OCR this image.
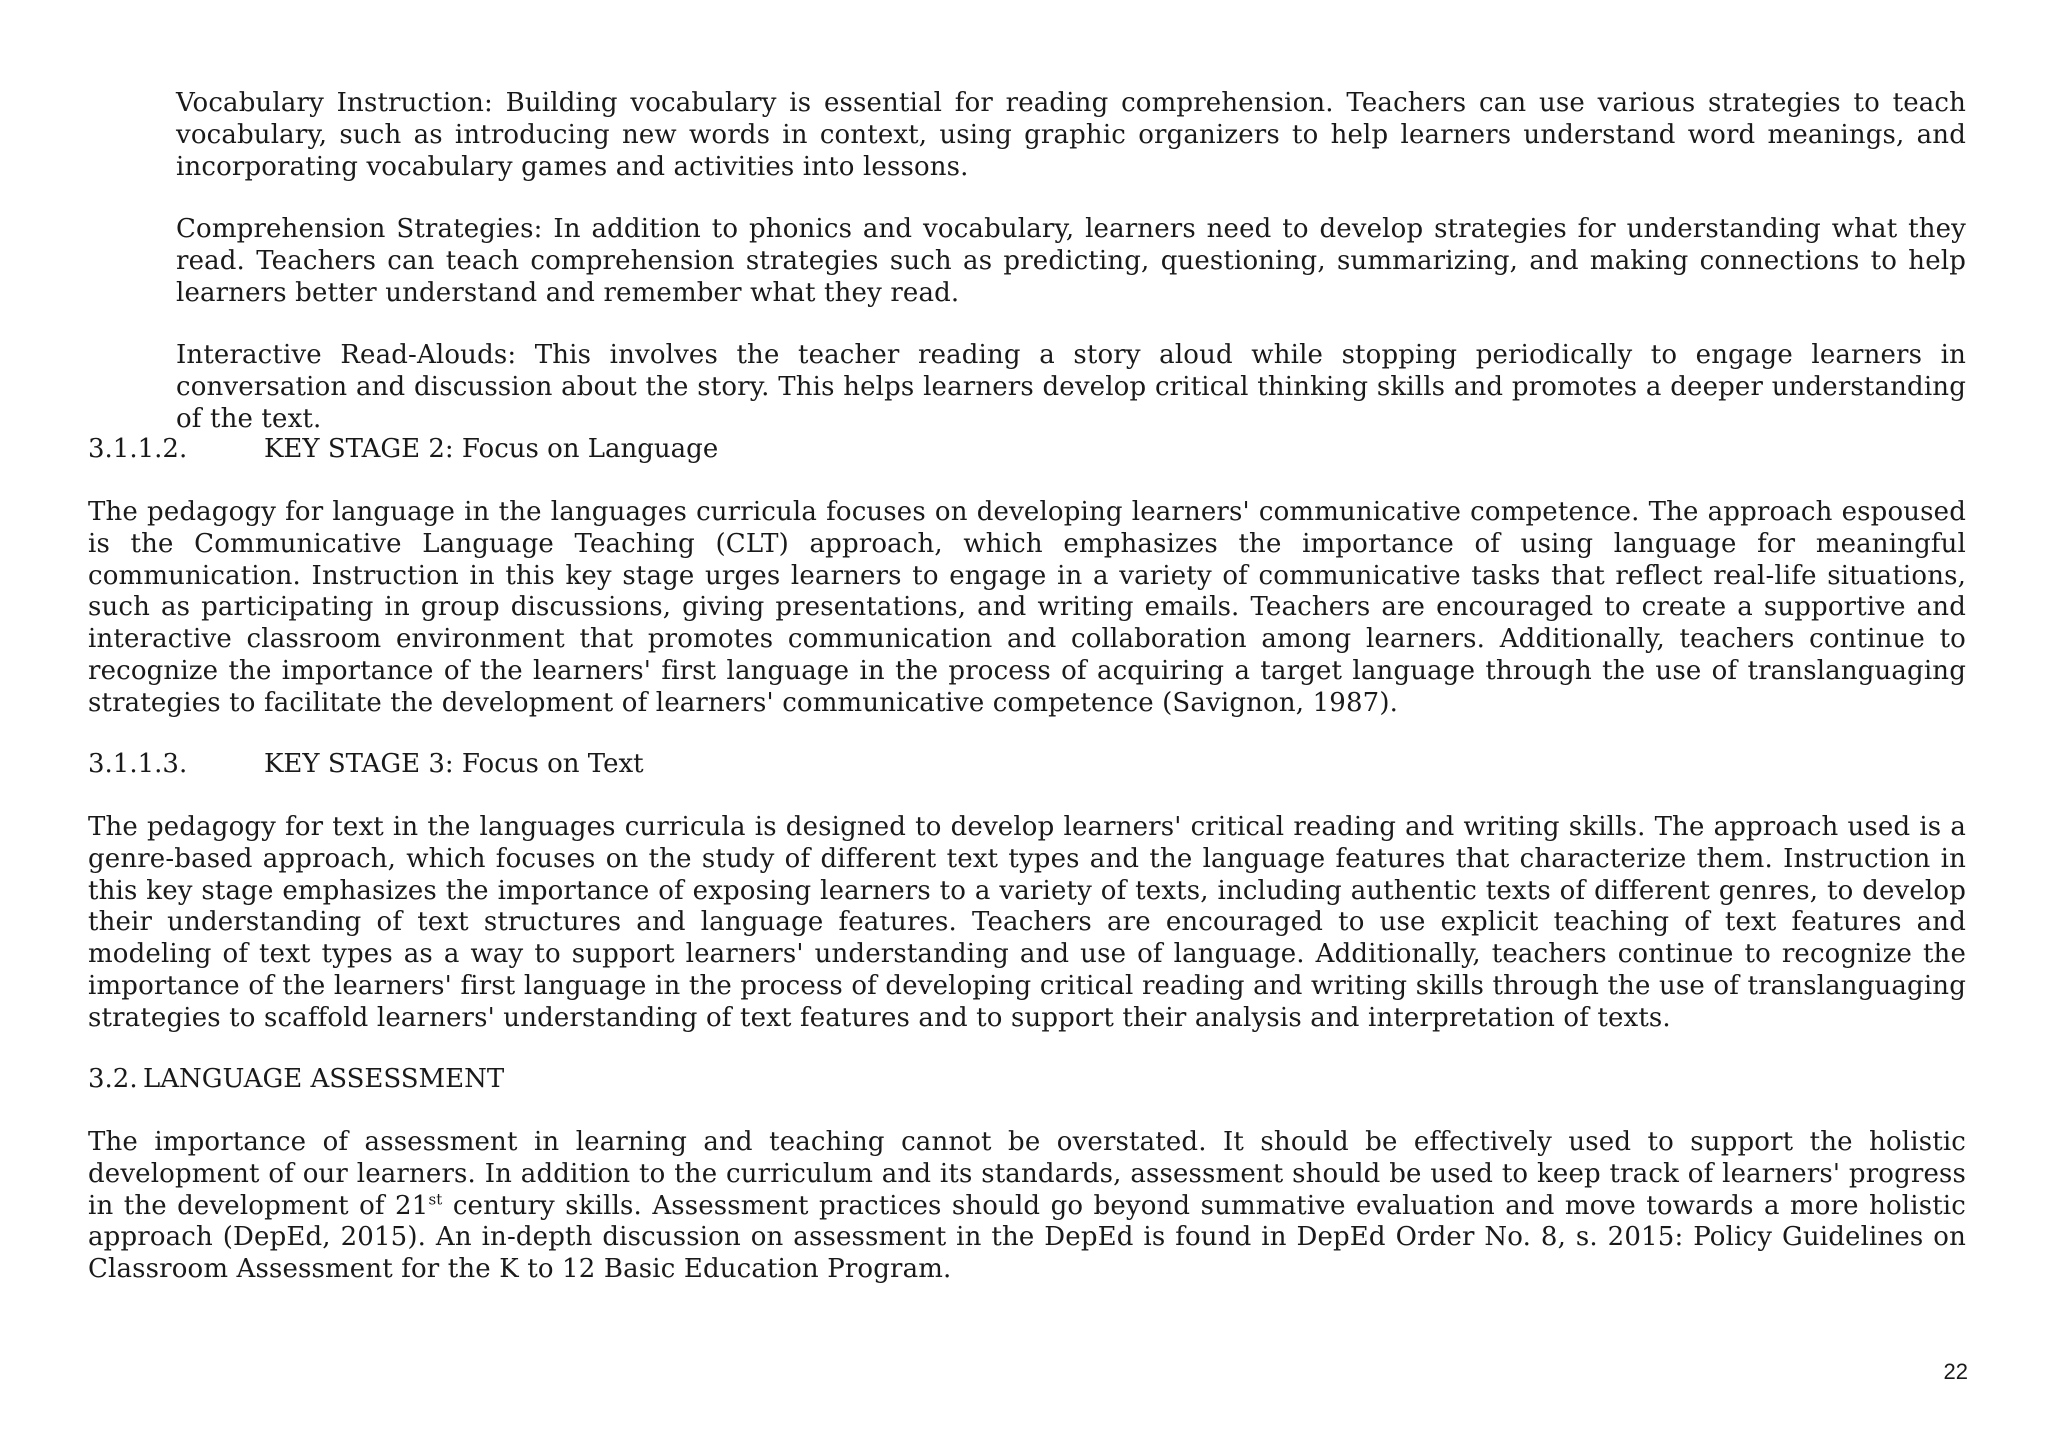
Vocabulary Instruction: Building vocabulary is essential for reading comprehension. Teachers can use various strategies to teach vocabulary, such as introducing new words in context, using graphic organizers to help learners understand word meanings, and incorporating vocabulary games and activities into lessons.

Comprehension Strategies: In addition to phonics and vocabulary, learners need to develop strategies for understanding what they read. Teachers can teach comprehension strategies such as predicting, questioning, summarizing, and making connections to help learners better understand and remember what they read.

Interactive Read-Alouds: This involves the teacher reading a story aloud while stopping periodically to engage learners in conversation and discussion about the story. This helps learners develop critical thinking skills and promotes a deeper understanding of the text.

3.1.1.2.	KEY STAGE 2: Focus on Language

The pedagogy for language in the languages curricula focuses on developing learners' communicative competence. The approach espoused is the Communicative Language Teaching (CLT) approach, which emphasizes the importance of using language for meaningful communication. Instruction in this key stage urges learners to engage in a variety of communicative tasks that reflect real-life situations, such as participating in group discussions, giving presentations, and writing emails. Teachers are encouraged to create a supportive and interactive classroom environment that promotes communication and collaboration among learners. Additionally, teachers continue to recognize the importance of the learners' first language in the process of acquiring a target language through the use of translanguaging strategies to facilitate the development of learners' communicative competence (Savignon, 1987).

3.1.1.3.	KEY STAGE 3: Focus on Text

The pedagogy for text in the languages curricula is designed to develop learners' critical reading and writing skills. The approach used is a genre-based approach, which focuses on the study of different text types and the language features that characterize them. Instruction in this key stage emphasizes the importance of exposing learners to a variety of texts, including authentic texts of different genres, to develop their understanding of text structures and language features. Teachers are encouraged to use explicit teaching of text features and modeling of text types as a way to support learners' understanding and use of language. Additionally, teachers continue to recognize the importance of the learners' first language in the process of developing critical reading and writing skills through the use of translanguaging strategies to scaffold learners' understanding of text features and to support their analysis and interpretation of texts.

3.2. LANGUAGE ASSESSMENT

The importance of assessment in learning and teaching cannot be overstated. It should be effectively used to support the holistic development of our learners. In addition to the curriculum and its standards, assessment should be used to keep track of learners' progress in the development of 21st century skills. Assessment practices should go beyond summative evaluation and move towards a more holistic approach (DepEd, 2015). An in-depth discussion on assessment in the DepEd is found in DepEd Order No. 8, s. 2015: Policy Guidelines on Classroom Assessment for the K to 12 Basic Education Program.

22
